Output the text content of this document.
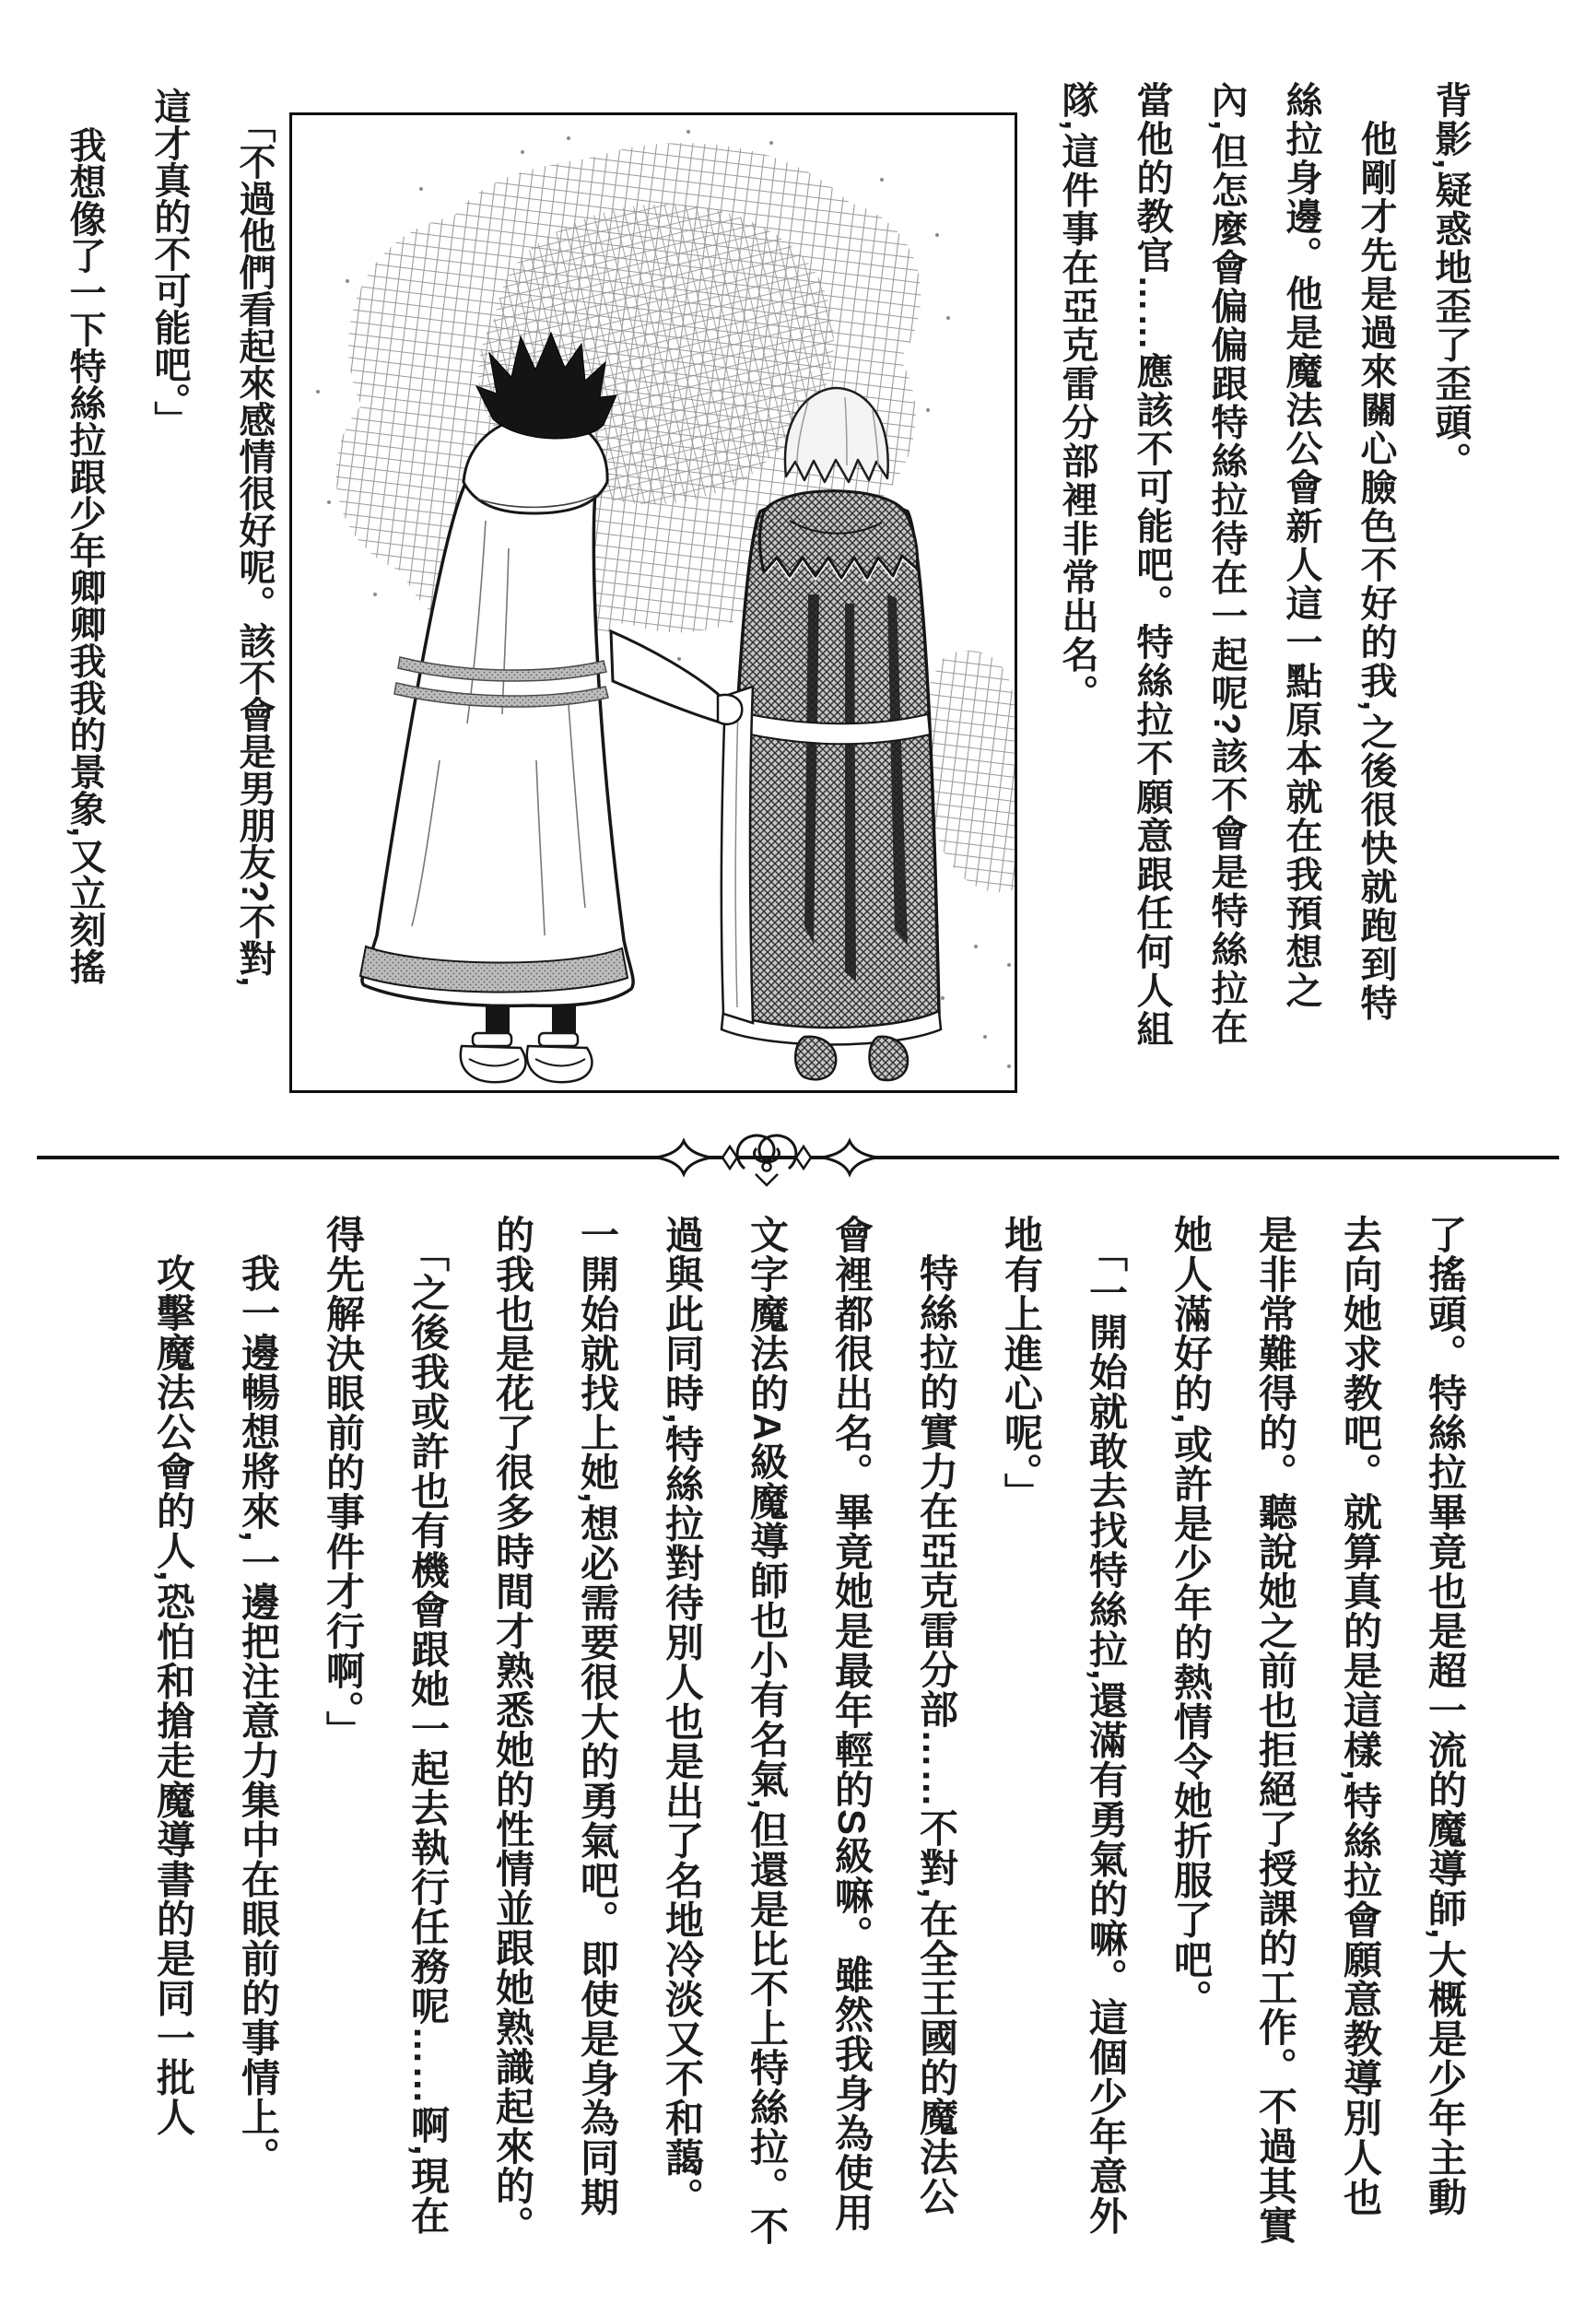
背影,疑惑地歪了歪頭。

他剛才先是過來關心臉色不好的我,之後很快就跑到特絲拉身邊。他是魔法公會新人這一點原本就在我預想之內,但怎麼會偏偏跟特絲拉待在一起呢?該不會是特絲拉在當他的教官……應該不可能吧。特絲拉不願意跟任何人組隊,這件事在亞克雷分部裡非常出名。

「不過他們看起來感情很好呢。該不會是男朋友?不對,這才真的不可能吧。」

我想像了一下特絲拉跟少年卿卿我我的景象,又立刻搖

了搖頭。特絲拉畢竟也是超一流的魔導師,大概是少年主動去向她求教吧。就算真的是這樣,特絲拉會願意教導別人也是非常難得的。聽說她之前也拒絕了授課的工作。不過其實她人滿好的,或許是少年的熱情令她折服了吧。

「一開始就敢去找特絲拉,還滿有勇氣的嘛。這個少年意外地有上進心呢。」

特絲拉的實力在亞克雷分部……不對,在全王國的魔法公會裡都很出名。畢竟她是最年輕的S級嘛。雖然我身為使用文字魔法的A級魔導師也小有名氣,但還是比不上特絲拉。不過與此同時,特絲拉對待別人也是出了名地冷淡又不和藹。一開始就找上她,想必需要很大的勇氣吧。即使是身為同期的我也是花了很多時間才熟悉她的性情並跟她熟識起來的。

「之後我或許也有機會跟她一起去執行任務呢……啊,現在得先解決眼前的事件才行啊。」

我一邊暢想將來,一邊把注意力集中在眼前的事情上。

攻擊魔法公會的人,恐怕和搶走魔導書的是同一批人
